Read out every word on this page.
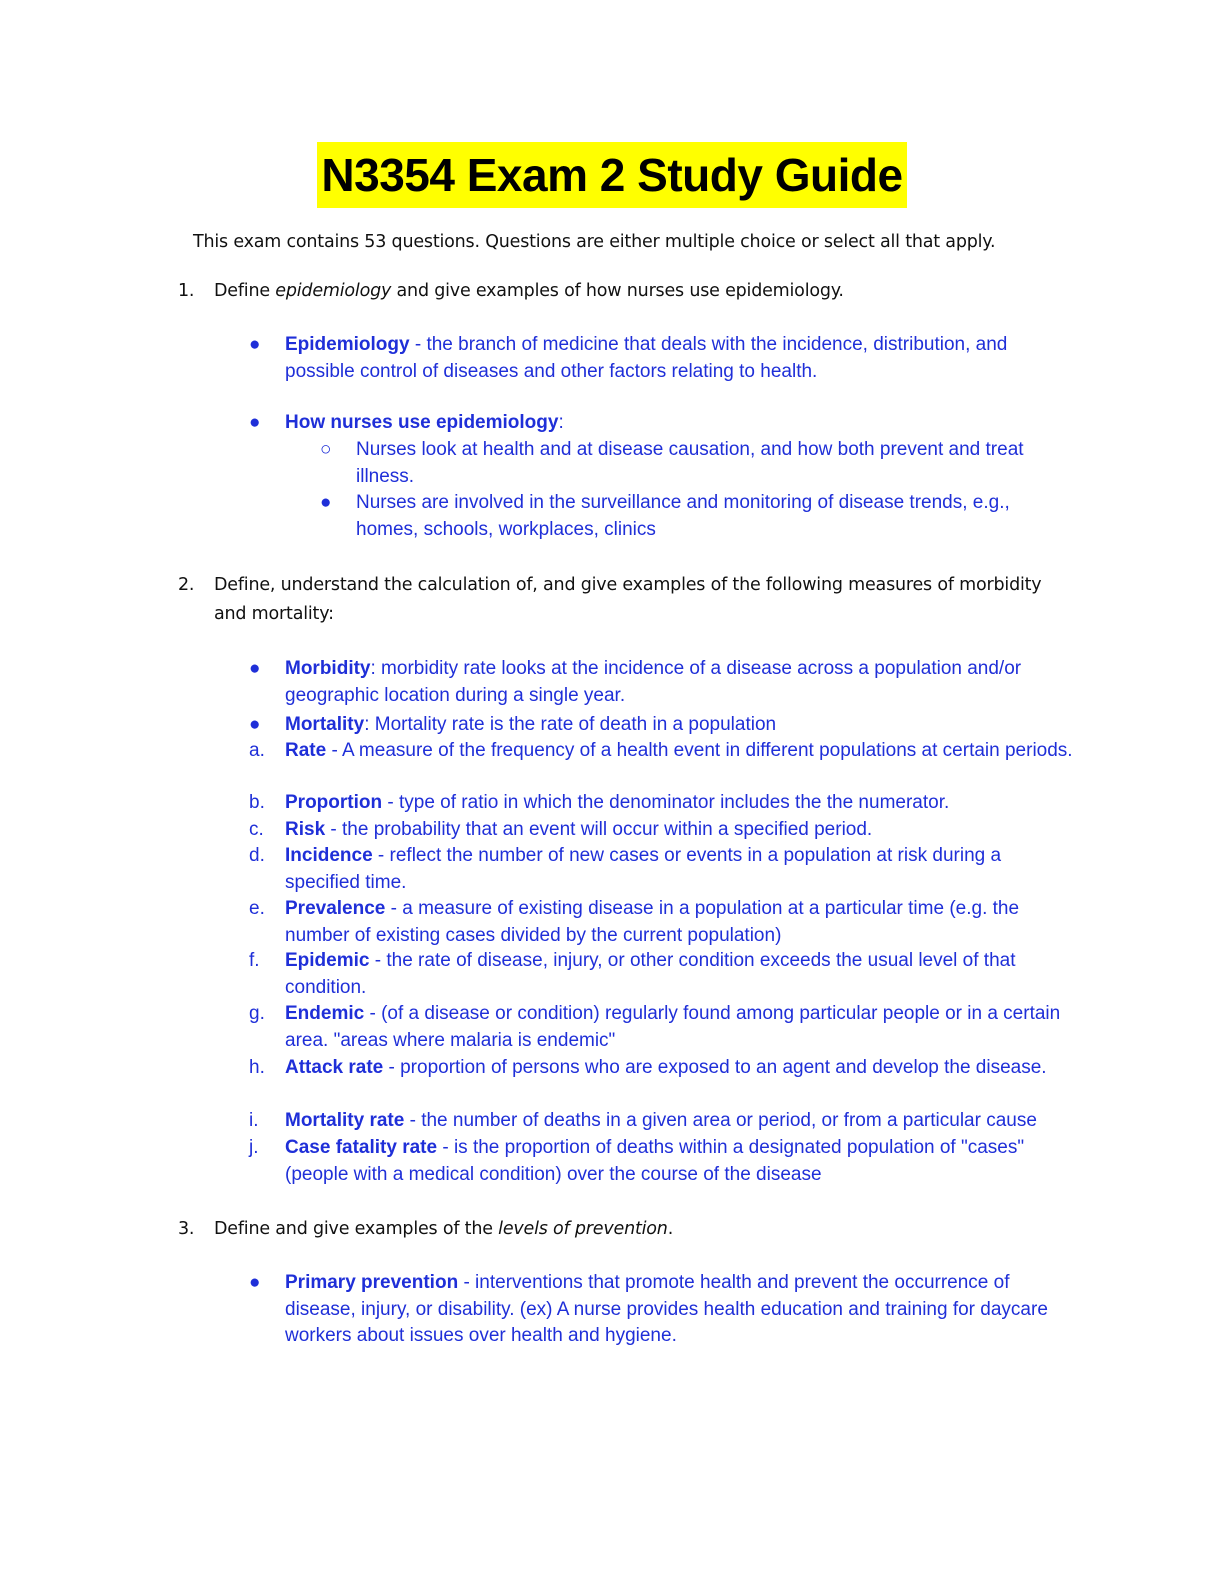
N3354 Exam 2 Study Guide
This exam contains 53 questions. Questions are either multiple choice or select all that apply.
1.	Define epidemiology and give examples of how nurses use epidemiology.
●	Epidemiology - the branch of medicine that deals with the incidence, distribution, and possible control of diseases and other factors relating to health.
●	How nurses use epidemiology:
○	Nurses look at health and at disease causation, and how both prevent and treat illness.
●	Nurses are involved in the surveillance and monitoring of disease trends, e.g., homes, schools, workplaces, clinics
2.	Define, understand the calculation of, and give examples of the following measures of morbidity and mortality:
●	Morbidity: morbidity rate looks at the incidence of a disease across a population and/or geographic location during a single year.
●	Mortality: Mortality rate is the rate of death in a population
a.	Rate - A measure of the frequency of a health event in different populations at certain periods.
b.	Proportion - type of ratio in which the denominator includes the the numerator.
c.	Risk - the probability that an event will occur within a specified period.
d.	Incidence - reflect the number of new cases or events in a population at risk during a specified time.
e.	Prevalence - a measure of existing disease in a population at a particular time (e.g. the number of existing cases divided by the current population)
f.	Epidemic - the rate of disease, injury, or other condition exceeds the usual level of that condition.
g.	Endemic - (of a disease or condition) regularly found among particular people or in a certain area. "areas where malaria is endemic"
h.	Attack rate - proportion of persons who are exposed to an agent and develop the disease.
i.	Mortality rate - the number of deaths in a given area or period, or from a particular cause
j.	Case fatality rate - is the proportion of deaths within a designated population of "cases" (people with a medical condition) over the course of the disease
3.	Define and give examples of the levels of prevention.
●	Primary prevention - interventions that promote health and prevent the occurrence of disease, injury, or disability. (ex) A nurse provides health education and training for daycare workers about issues over health and hygiene.
